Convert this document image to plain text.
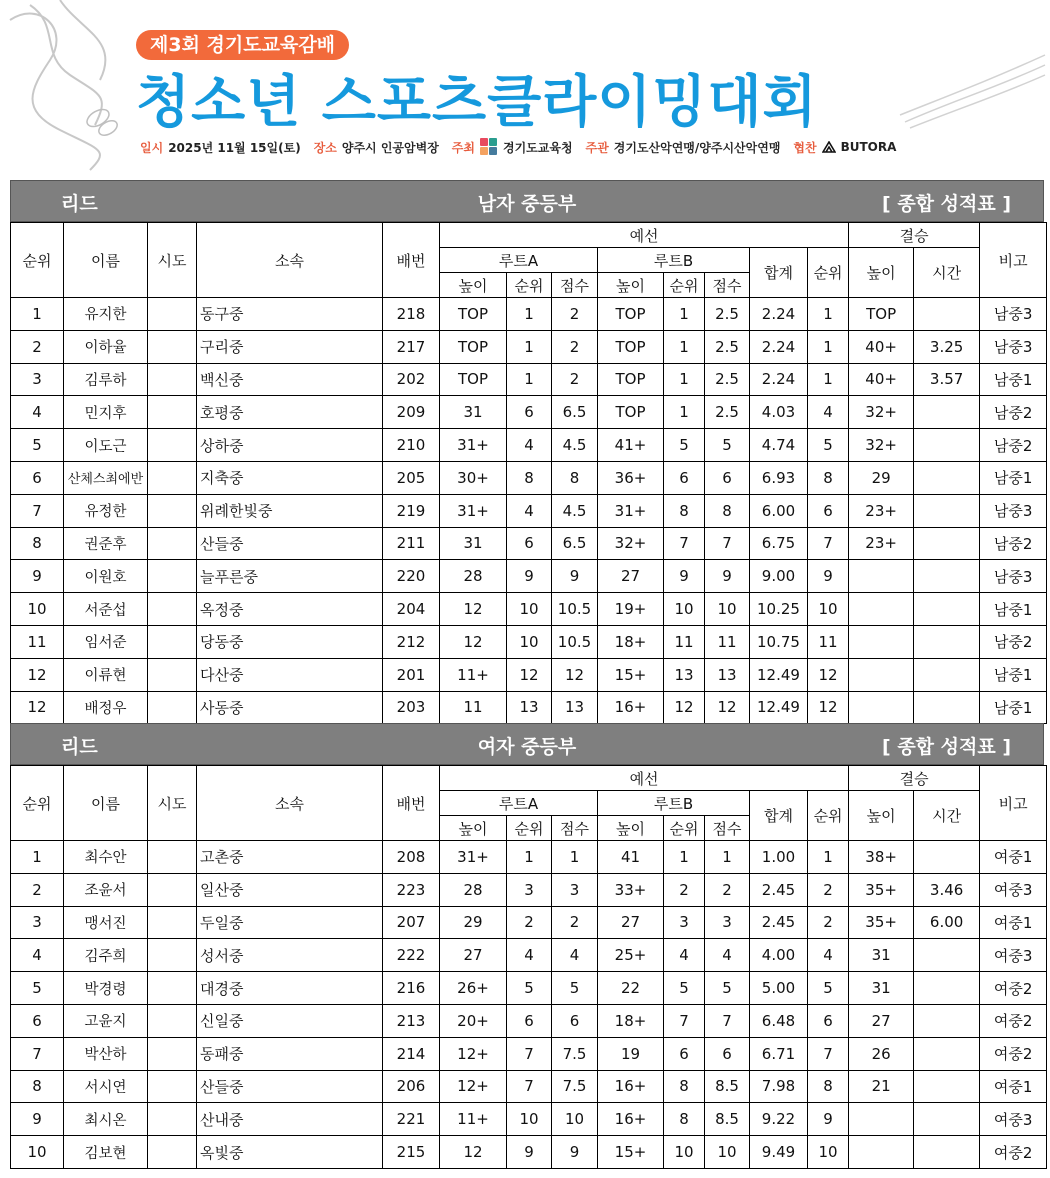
제3회 경기도교육감배
청소년 스포츠클라이밍대회
일시 2025년 11월 15일(토) 장소 양주시 인공암벽장 주최 경기도교육청 주관 경기도산악연맹/양주시산악연맹 협찬 BUTORA
리드	남자 중등부	[ 종합 성적표 ]
순위	이름	시도	소속	배번	예선								결승		비고
					루트A			루트B			합계	순위	높이	시간	
					높이	순위	점수	높이	순위	점수					
1	유지한		동구중	218	TOP	1	2	TOP	1	2.5	2.24	1	TOP		남중3
2	이하율		구리중	217	TOP	1	2	TOP	1	2.5	2.24	1	40+	3.25	남중3
3	김루하		백신중	202	TOP	1	2	TOP	1	2.5	2.24	1	40+	3.57	남중1
4	민지후		호평중	209	31	6	6.5	TOP	1	2.5	4.03	4	32+		남중2
5	이도근		상하중	210	31+	4	4.5	41+	5	5	4.74	5	32+		남중2
6	산체스최에반		지축중	205	30+	8	8	36+	6	6	6.93	8	29		남중1
7	유정한		위례한빛중	219	31+	4	4.5	31+	8	8	6.00	6	23+		남중3
8	권준후		산들중	211	31	6	6.5	32+	7	7	6.75	7	23+		남중2
9	이원호		늘푸른중	220	28	9	9	27	9	9	9.00	9			남중3
10	서준섭		옥정중	204	12	10	10.5	19+	10	10	10.25	10			남중1
11	임서준		당동중	212	12	10	10.5	18+	11	11	10.75	11			남중2
12	이류현		다산중	201	11+	12	12	15+	13	13	12.49	12			남중1
12	배정우		사동중	203	11	13	13	16+	12	12	12.49	12			남중1
리드	여자 중등부	[ 종합 성적표 ]
순위	이름	시도	소속	배번	예선								결승		비고
					루트A			루트B			합계	순위	높이	시간	
					높이	순위	점수	높이	순위	점수					
1	최수안		고촌중	208	31+	1	1	41	1	1	1.00	1	38+		여중1
2	조윤서		일산중	223	28	3	3	33+	2	2	2.45	2	35+	3.46	여중3
3	맹서진		두일중	207	29	2	2	27	3	3	2.45	2	35+	6.00	여중1
4	김주희		성서중	222	27	4	4	25+	4	4	4.00	4	31		여중3
5	박경령		대경중	216	26+	5	5	22	5	5	5.00	5	31		여중2
6	고윤지		신일중	213	20+	6	6	18+	7	7	6.48	6	27		여중2
7	박산하		동패중	214	12+	7	7.5	19	6	6	6.71	7	26		여중2
8	서시연		산들중	206	12+	7	7.5	16+	8	8.5	7.98	8	21		여중1
9	최시온		산내중	221	11+	10	10	16+	8	8.5	9.22	9			여중3
10	김보현		옥빛중	215	12	9	9	15+	10	10	9.49	10			여중2
